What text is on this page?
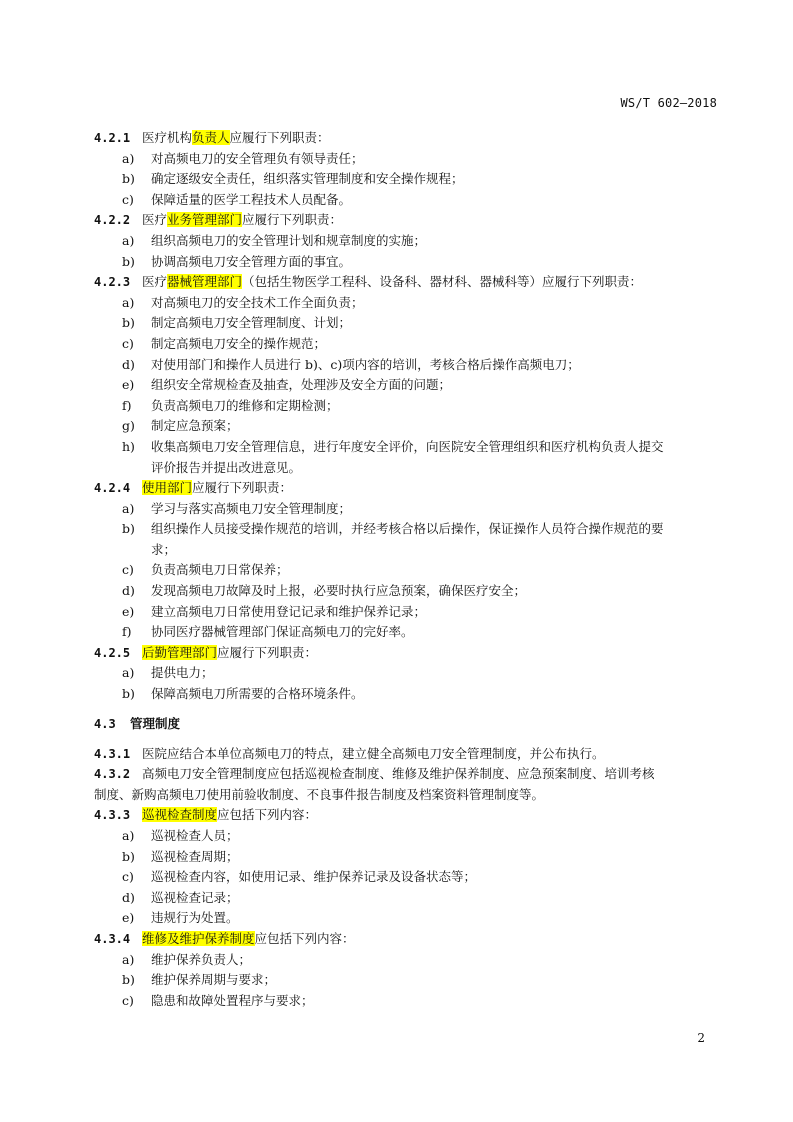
WS/T 602—2018
4.2.1 医疗机构负责人应履行下列职责：
a) 对高频电刀的安全管理负有领导责任；
b) 确定逐级安全责任，组织落实管理制度和安全操作规程；
c) 保障适量的医学工程技术人员配备。
4.2.2 医疗业务管理部门应履行下列职责：
a) 组织高频电刀的安全管理计划和规章制度的实施；
b) 协调高频电刀安全管理方面的事宜。
4.2.3 医疗器械管理部门（包括生物医学工程科、设备科、器材科、器械科等）应履行下列职责：
a) 对高频电刀的安全技术工作全面负责；
b) 制定高频电刀安全管理制度、计划；
c) 制定高频电刀安全的操作规范；
d) 对使用部门和操作人员进行 b)、c)项内容的培训，考核合格后操作高频电刀；
e) 组织安全常规检查及抽查，处理涉及安全方面的问题；
f) 负责高频电刀的维修和定期检测；
g) 制定应急预案；
h) 收集高频电刀安全管理信息，进行年度安全评价，向医院安全管理组织和医疗机构负责人提交
评价报告并提出改进意见。
4.2.4 使用部门应履行下列职责：
a) 学习与落实高频电刀安全管理制度；
b) 组织操作人员接受操作规范的培训，并经考核合格以后操作，保证操作人员符合操作规范的要
求；
c) 负责高频电刀日常保养；
d) 发现高频电刀故障及时上报，必要时执行应急预案，确保医疗安全；
e) 建立高频电刀日常使用登记记录和维护保养记录；
f) 协同医疗器械管理部门保证高频电刀的完好率。
4.2.5 后勤管理部门应履行下列职责：
a) 提供电力；
b) 保障高频电刀所需要的合格环境条件。
4.3 管理制度
4.3.1 医院应结合本单位高频电刀的特点，建立健全高频电刀安全管理制度，并公布执行。
4.3.2 高频电刀安全管理制度应包括巡视检查制度、维修及维护保养制度、应急预案制度、培训考核
制度、新购高频电刀使用前验收制度、不良事件报告制度及档案资料管理制度等。
4.3.3 巡视检查制度应包括下列内容：
a) 巡视检查人员；
b) 巡视检查周期；
c) 巡视检查内容，如使用记录、维护保养记录及设备状态等；
d) 巡视检查记录；
e) 违规行为处置。
4.3.4 维修及维护保养制度应包括下列内容：
a) 维护保养负责人；
b) 维护保养周期与要求；
c) 隐患和故障处置程序与要求；
2
